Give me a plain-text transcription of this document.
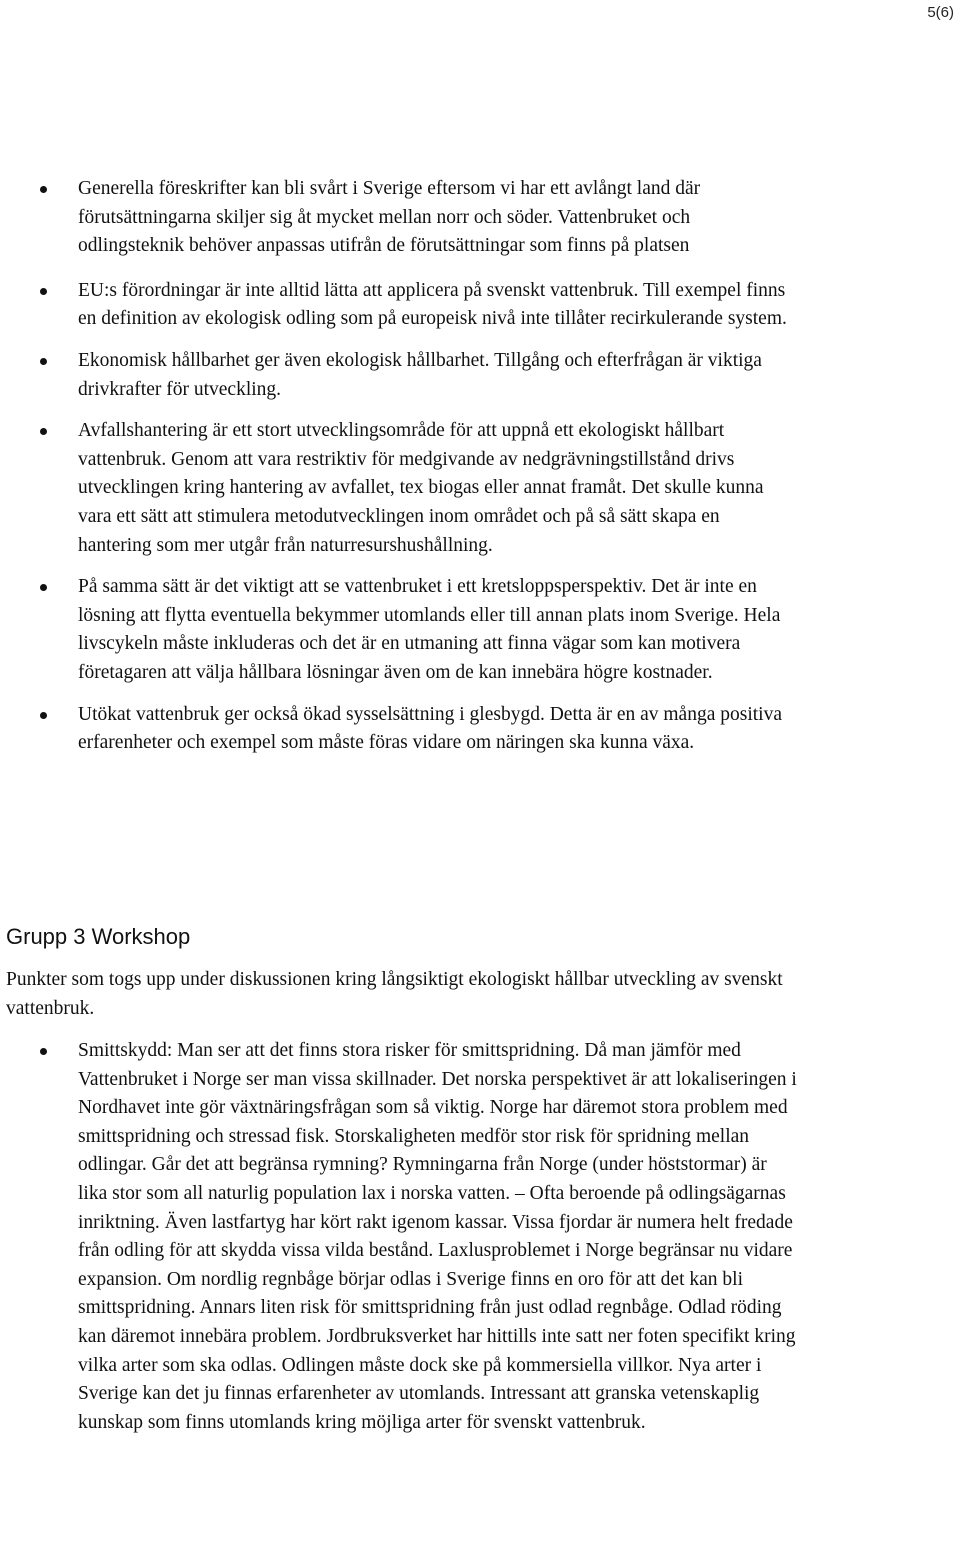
5(6)
Generella föreskrifter kan bli svårt i Sverige eftersom vi har ett avlångt land där förutsättningarna skiljer sig åt mycket mellan norr och söder. Vattenbruket och odlingsteknik behöver anpassas utifrån de förutsättningar som finns på platsen
EU:s förordningar är inte alltid lätta att applicera på svenskt vattenbruk. Till exempel finns en definition av ekologisk odling som på europeisk nivå inte tillåter recirkulerande system.
Ekonomisk hållbarhet ger även ekologisk hållbarhet. Tillgång och efterfrågan är viktiga drivkrafter för utveckling.
Avfallshantering är ett stort utvecklingsområde för att uppnå ett ekologiskt hållbart vattenbruk. Genom att vara restriktiv för medgivande av nedgrävningstillstånd drivs utvecklingen kring hantering av avfallet, tex biogas eller annat framåt. Det skulle kunna vara ett sätt att stimulera metodutvecklingen inom området och på så sätt skapa en hantering som mer utgår från naturresurshushållning.
På samma sätt är det viktigt att se vattenbruket i ett kretsloppsperspektiv. Det är inte en lösning att flytta eventuella bekymmer utomlands eller till annan plats inom Sverige. Hela livscykeln måste inkluderas och det är en utmaning att finna vägar som kan motivera företagaren att välja hållbara lösningar även om de kan innebära högre kostnader.
Utökat vattenbruk ger också ökad sysselsättning i glesbygd. Detta är en av många positiva erfarenheter och exempel som måste föras vidare om näringen ska kunna växa.
Grupp 3 Workshop
Punkter som togs upp under diskussionen kring långsiktigt ekologiskt hållbar utveckling av svenskt vattenbruk.
Smittskydd: Man ser att det finns stora risker för smittspridning. Då man jämför med Vattenbruket i Norge ser man vissa skillnader. Det norska perspektivet är att lokaliseringen i Nordhavet inte gör växtnäringsfrågan som så viktig. Norge har däremot stora problem med smittspridning och stressad fisk. Storskaligheten medför stor risk för spridning mellan odlingar. Går det att begränsa rymning? Rymningarna från Norge (under höststormar) är lika stor som all naturlig population lax i norska vatten. – Ofta beroende på odlingsägarnas inriktning. Även lastfartyg har kört rakt igenom kassar. Vissa fjordar är numera helt fredade från odling för att skydda vissa vilda bestånd. Laxlusproblemet i Norge begränsar nu vidare expansion. Om nordlig regnbåge börjar odlas i Sverige finns en oro för att det kan bli smittspridning. Annars liten risk för smittspridning från just odlad regnbåge. Odlad röding kan däremot innebära problem. Jordbruksverket har hittills inte satt ner foten specifikt kring vilka arter som ska odlas. Odlingen måste dock ske på kommersiella villkor. Nya arter i Sverige kan det ju finnas erfarenheter av utomlands. Intressant att granska vetenskaplig kunskap som finns utomlands kring möjliga arter för svenskt vattenbruk.
